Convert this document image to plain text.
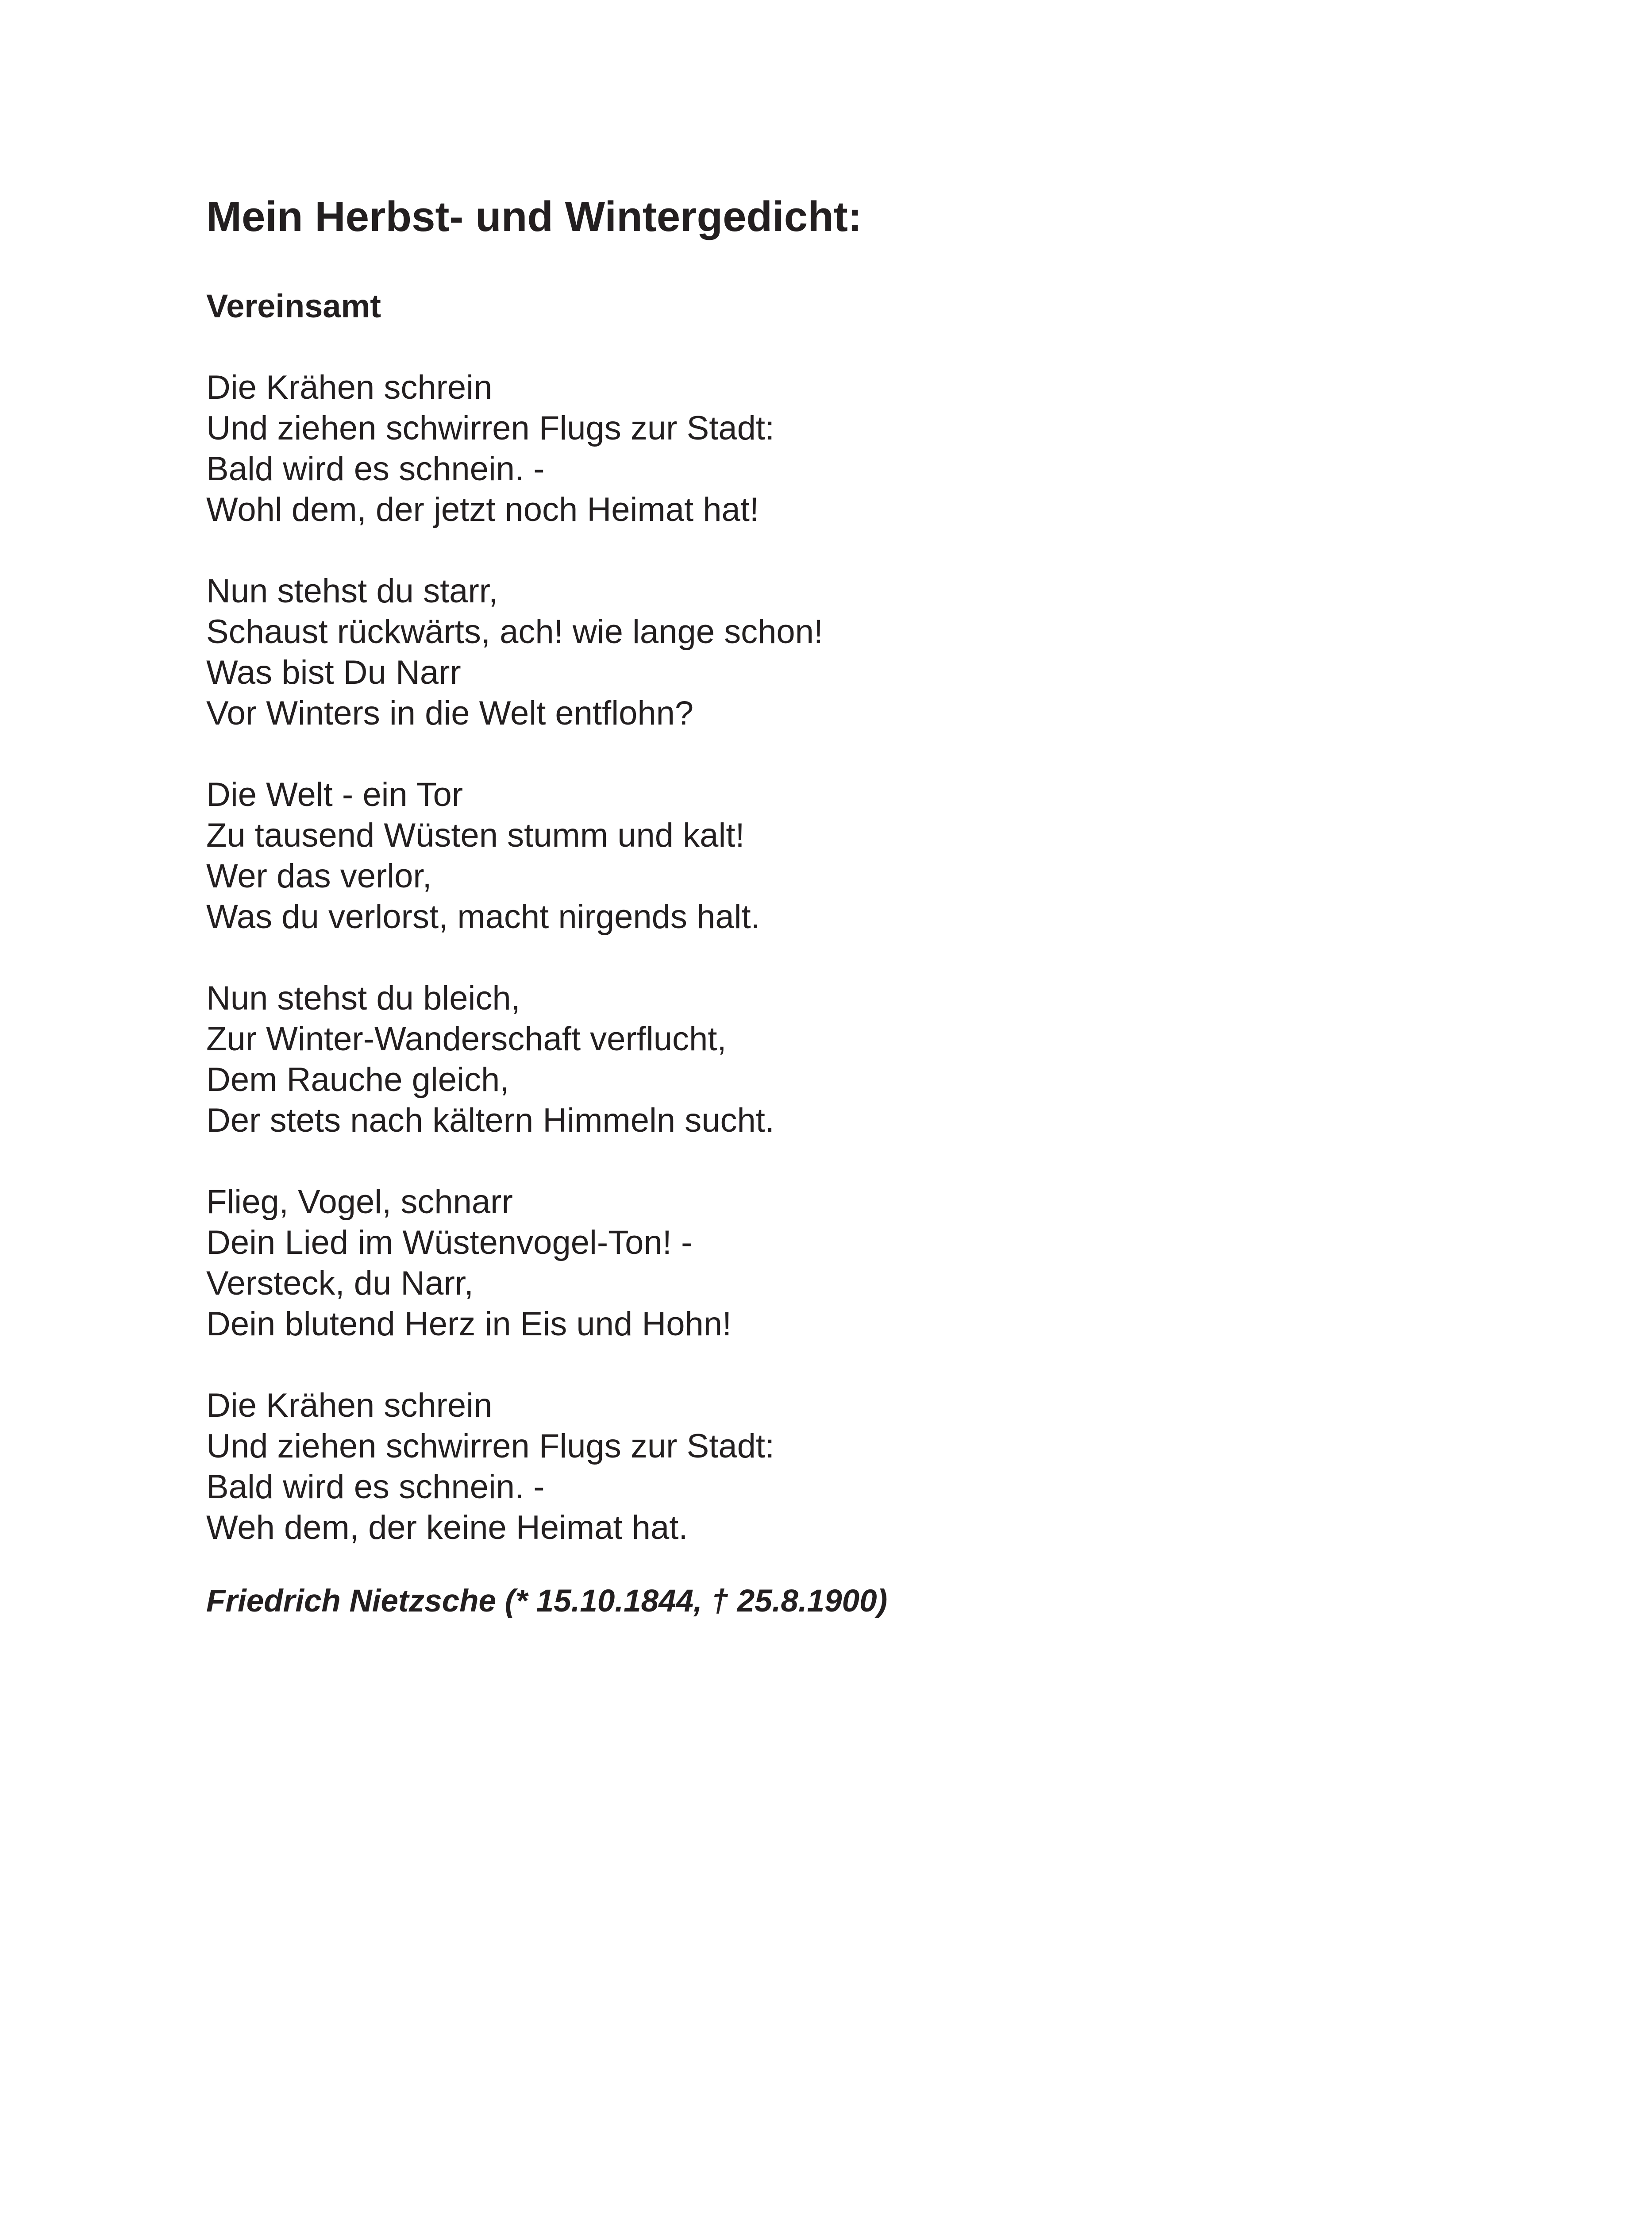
Mein Herbst- und Wintergedicht:
Vereinsamt

Die Krähen schrein
Und ziehen schwirren Flugs zur Stadt:
Bald wird es schnein. -
Wohl dem, der jetzt noch Heimat hat!

Nun stehst du starr,
Schaust rückwärts, ach! wie lange schon!
Was bist Du Narr
Vor Winters in die Welt entflohn?

Die Welt - ein Tor
Zu tausend Wüsten stumm und kalt!
Wer das verlor,
Was du verlorst, macht nirgends halt.

Nun stehst du bleich,
Zur Winter-Wanderschaft verflucht,
Dem Rauche gleich,
Der stets nach kältern Himmeln sucht.

Flieg, Vogel, schnarr
Dein Lied im Wüstenvogel-Ton! -
Versteck, du Narr,
Dein blutend Herz in Eis und Hohn!

Die Krähen schrein
Und ziehen schwirren Flugs zur Stadt:
Bald wird es schnein. -
Weh dem, der keine Heimat hat.

Friedrich Nietzsche (* 15.10.1844, † 25.8.1900)
